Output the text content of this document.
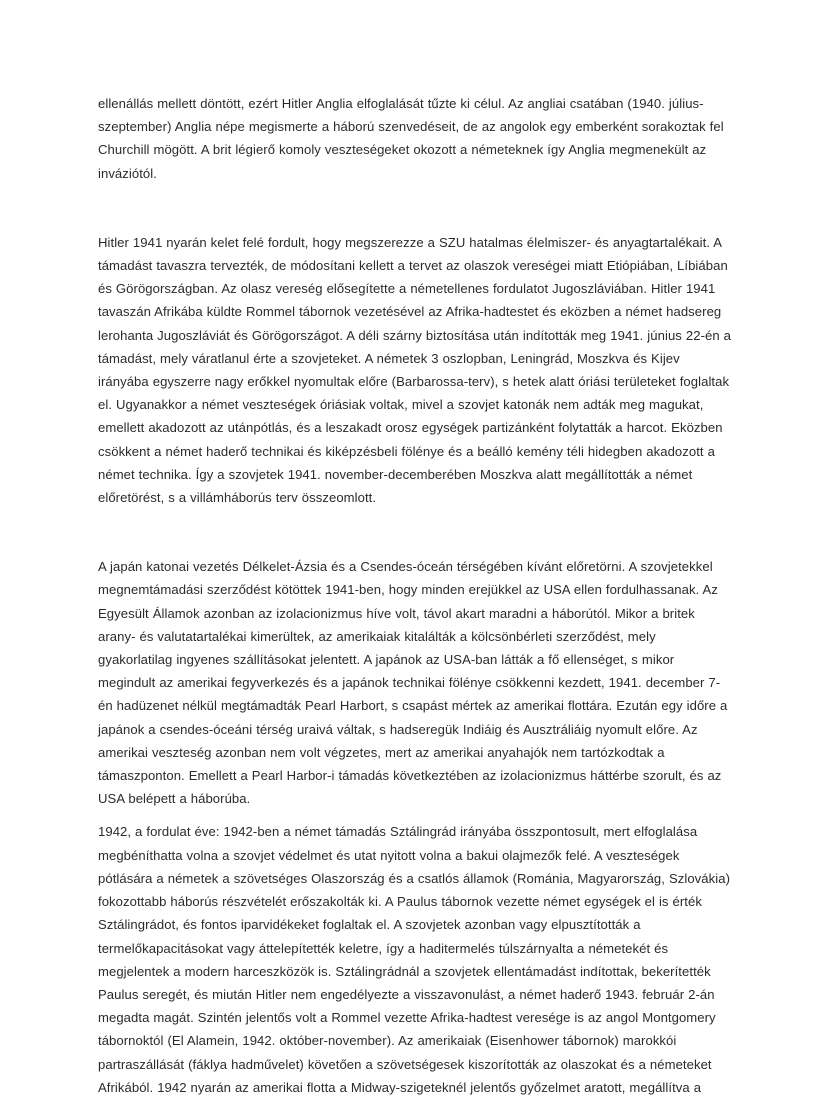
ellenállás mellett döntött, ezért Hitler Anglia elfoglalását tűzte ki célul. Az angliai csatában (1940. július-szeptember) Anglia népe megismerte a háború szenvedéseit, de az angolok egy emberként sorakoztak fel Churchill mögött. A brit légierő komoly veszteségeket okozott a németeknek így Anglia megmenekült az inváziótól.

Hitler 1941 nyarán kelet felé fordult, hogy megszerezze a SZU hatalmas élelmiszer- és anyagtartalékait. A támadást tavaszra tervezték, de módosítani kellett a tervet az olaszok vereségei miatt Etiópiában, Líbiában és Görögországban. Az olasz vereség elősegítette a németellenes fordulatot Jugoszláviában. Hitler 1941 tavaszán Afrikába küldte Rommel tábornok vezetésével az Afrika-hadtestet és eközben a német hadsereg lerohanta Jugoszláviát és Görögországot. A déli szárny biztosítása után indították meg 1941. június 22-én a támadást, mely váratlanul érte a szovjeteket. A németek 3 oszlopban, Leningrád, Moszkva és Kijev irányába egyszerre nagy erőkkel nyomultak előre (Barbarossa-terv), s hetek alatt óriási területeket foglaltak el. Ugyanakkor a német veszteségek óriásiak voltak, mivel a szovjet katonák nem adták meg magukat, emellett akadozott az utánpótlás, és a leszakadt orosz egységek partizánként folytatták a harcot. Eközben csökkent a német haderő technikai és kiképzésbeli fölénye és a beálló kemény téli hidegben akadozott a német technika. Így a szovjetek 1941. november-decemberében Moszkva alatt megállították a német előretörést, s a villámháborús terv összeomlott.

A japán katonai vezetés Délkelet-Ázsia és a Csendes-óceán térségében kívánt előretörni. A szovjetekkel megnemtámadási szerződést kötöttek 1941-ben, hogy minden erejükkel az USA ellen fordulhassanak. Az Egyesült Államok azonban az izolacionizmus híve volt, távol akart maradni a háborútól. Mikor a britek arany- és valutatartalékai kimerültek, az amerikaiak kitalálták a kölcsönbérleti szerződést, mely gyakorlatilag ingyenes szállításokat jelentett. A japánok az USA-ban látták a fő ellenséget, s mikor megindult az amerikai fegyverkezés és a japánok technikai fölénye csökkenni kezdett, 1941. december 7-én hadüzenet nélkül megtámadták Pearl Harbort, s csapást mértek az amerikai flottára. Ezután egy időre a japánok a csendes-óceáni térség uraivá váltak, s hadseregük Indiáig és Ausztráliáig nyomult előre. Az amerikai veszteség azonban nem volt végzetes, mert az amerikai anyahajók nem tartózkodtak a támaszponton. Emellett a Pearl Harbor-i támadás következtében az izolacionizmus háttérbe szorult, és az USA belépett a háborúba.

1942, a fordulat éve: 1942-ben a német támadás Sztálingrád irányába összpontosult, mert elfoglalása megbéníthatta volna a szovjet védelmet és utat nyitott volna a bakui olajmezők felé. A veszteségek pótlására a németek a szövetséges Olaszország és a csatlós államok (Románia, Magyarország, Szlovákia) fokozottabb háborús részvételét erőszakolták ki. A Paulus tábornok vezette német egységek el is érték Sztálingrádot, és fontos iparvidékeket foglaltak el. A szovjetek azonban vagy elpusztították a termelőkapacitásokat vagy áttelepítették keletre, így a haditermelés túlszárnyalta a németekét és megjelentek a modern harceszközök is. Sztálingrádnál a szovjetek ellentámadást indítottak, bekerítették Paulus seregét, és miután Hitler nem engedélyezte a visszavonulást, a német haderő 1943. február 2-án megadta magát. Szintén jelentős volt a Rommel vezette Afrika-hadtest veresége is az angol Montgomery tábornoktól (El Alamein, 1942. október-november). Az amerikaiak (Eisenhower tábornok) marokkói partraszállását (fáklya hadművelet) követően a szövetségesek kiszorították az olaszokat és a németeket Afrikából. 1942 nyarán az amerikai flotta a Midway-szigeteknél jelentős győzelmet aratott, megállítva a
